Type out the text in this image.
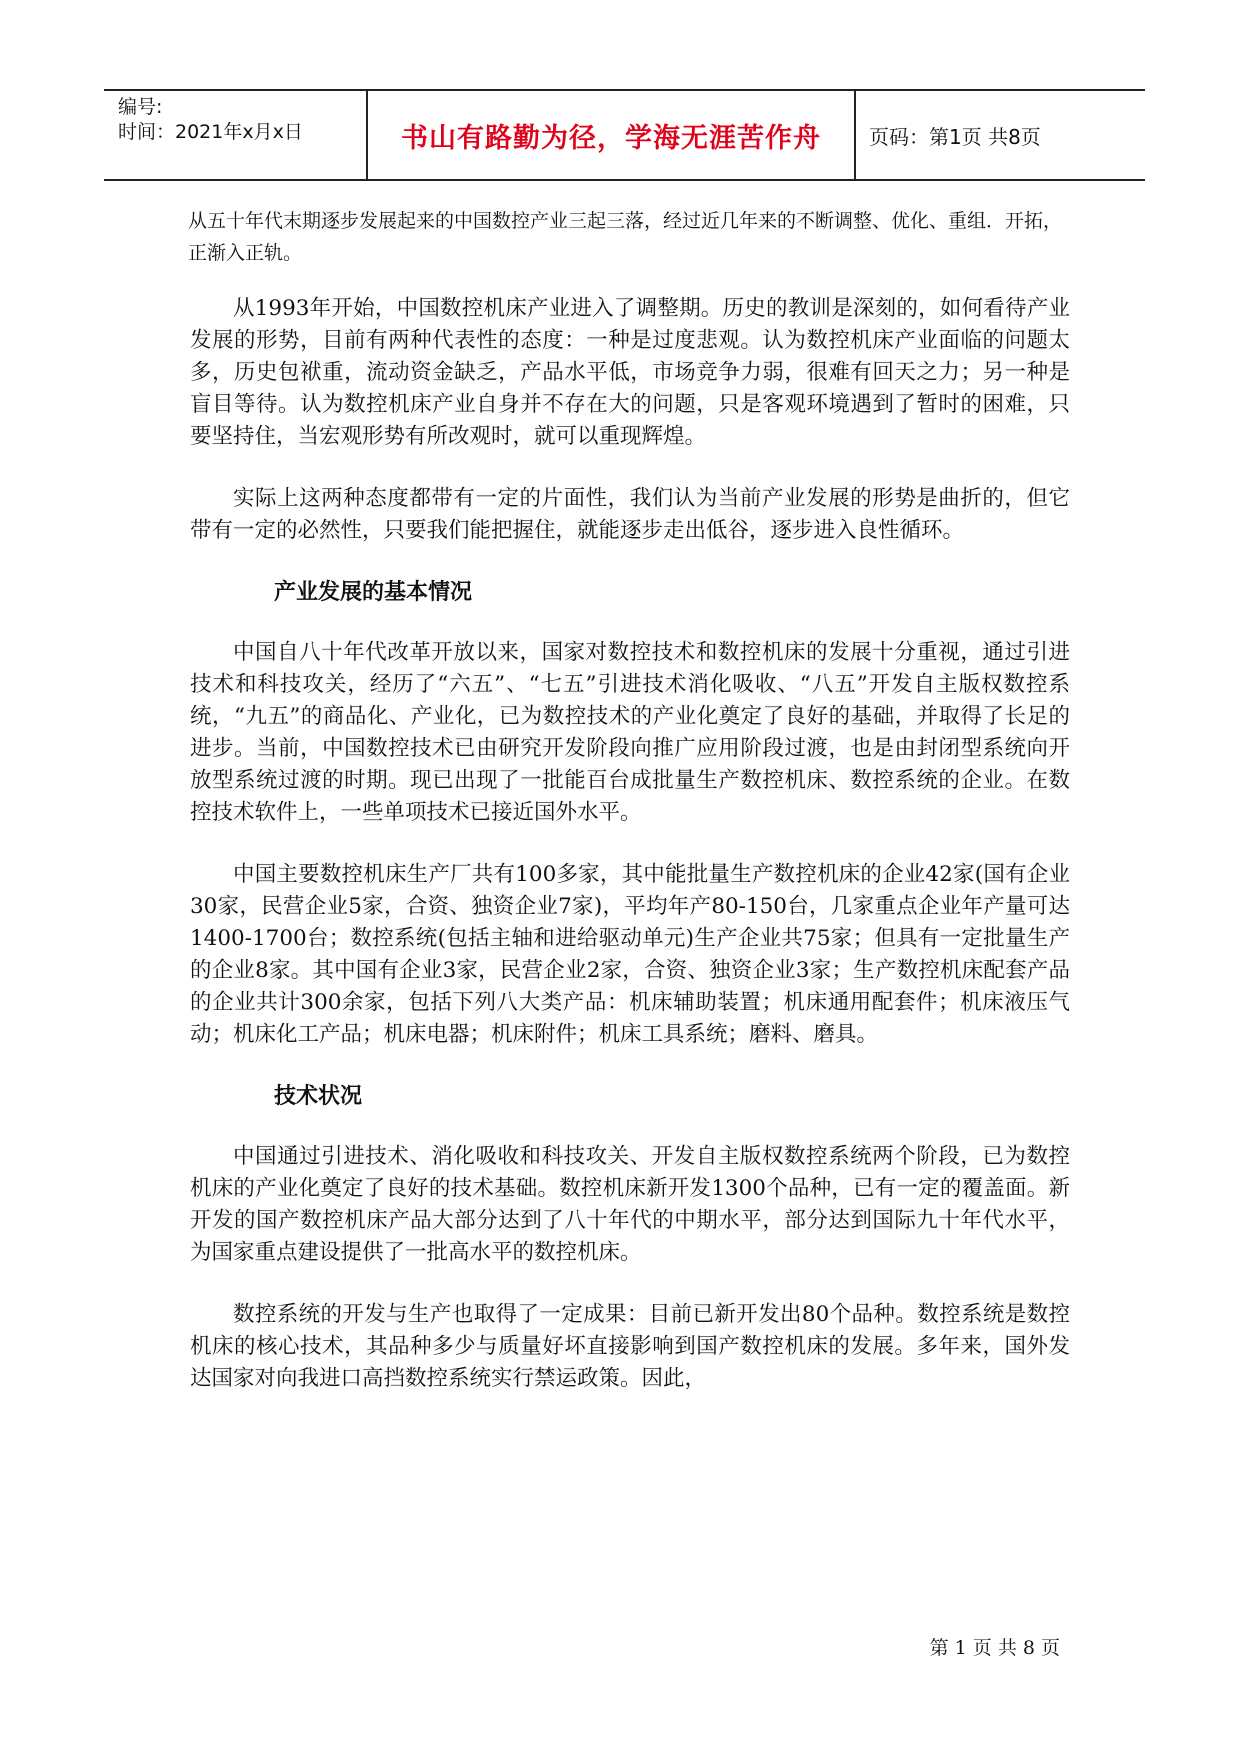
编号:
时间：2021年x月x日	书山有路勤为径，学海无涯苦作舟 页码：第1页 共8页

从五十年代末期逐步发展起来的中国数控产业三起三落，经过近几年来的不断调整、优化、重组．开拓，正渐入正轨。

从1993年开始，中国数控机床产业进入了调整期。历史的教训是深刻的，如何看待产业发展的形势，目前有两种代表性的态度：一种是过度悲观。认为数控机床产业面临的问题太多，历史包袱重，流动资金缺乏，产品水平低，市场竞争力弱，很难有回天之力；另一种是盲目等待。认为数控机床产业自身并不存在大的问题，只是客观环境遇到了暂时的困难，只要坚持住，当宏观形势有所改观时，就可以重现辉煌。

实际上这两种态度都带有一定的片面性，我们认为当前产业发展的形势是曲折的，但它带有一定的必然性，只要我们能把握住，就能逐步走出低谷，逐步进入良性循环。

产业发展的基本情况

中国自八十年代改革开放以来，国家对数控技术和数控机床的发展十分重视，通过引进技术和科技攻关，经历了“六五”、“七五”引进技术消化吸收、“八五”开发自主版权数控系统，“九五”的商品化、产业化，已为数控技术的产业化奠定了良好的基础，并取得了长足的进步。当前，中国数控技术已由研究开发阶段向推广应用阶段过渡，也是由封闭型系统向开放型系统过渡的时期。现已出现了一批能百台成批量生产数控机床、数控系统的企业。在数控技术软件上，一些单项技术已接近国外水平。

中国主要数控机床生产厂共有100多家，其中能批量生产数控机床的企业42家(国有企业30家，民营企业5家，合资、独资企业7家)，平均年产80-150台，几家重点企业年产量可达1400-1700台；数控系统(包括主轴和进给驱动单元)生产企业共75家；但具有一定批量生产的企业8家。其中国有企业3家，民营企业2家，合资、独资企业3家；生产数控机床配套产品的企业共计300余家，包括下列八大类产品：机床辅助装置；机床通用配套件；机床液压气动；机床化工产品；机床电器；机床附件；机床工具系统；磨料、磨具。

技术状况

中国通过引进技术、消化吸收和科技攻关、开发自主版权数控系统两个阶段，已为数控机床的产业化奠定了良好的技术基础。数控机床新开发1300个品种，已有一定的覆盖面。新开发的国产数控机床产品大部分达到了八十年代的中期水平，部分达到国际九十年代水平，为国家重点建设提供了一批高水平的数控机床。

数控系统的开发与生产也取得了一定成果：目前已新开发出80个品种。数控系统是数控机床的核心技术，其品种多少与质量好坏直接影响到国产数控机床的发展。多年来，国外发达国家对向我进口高挡数控系统实行禁运政策。因此，

第 1 页 共 8 页
